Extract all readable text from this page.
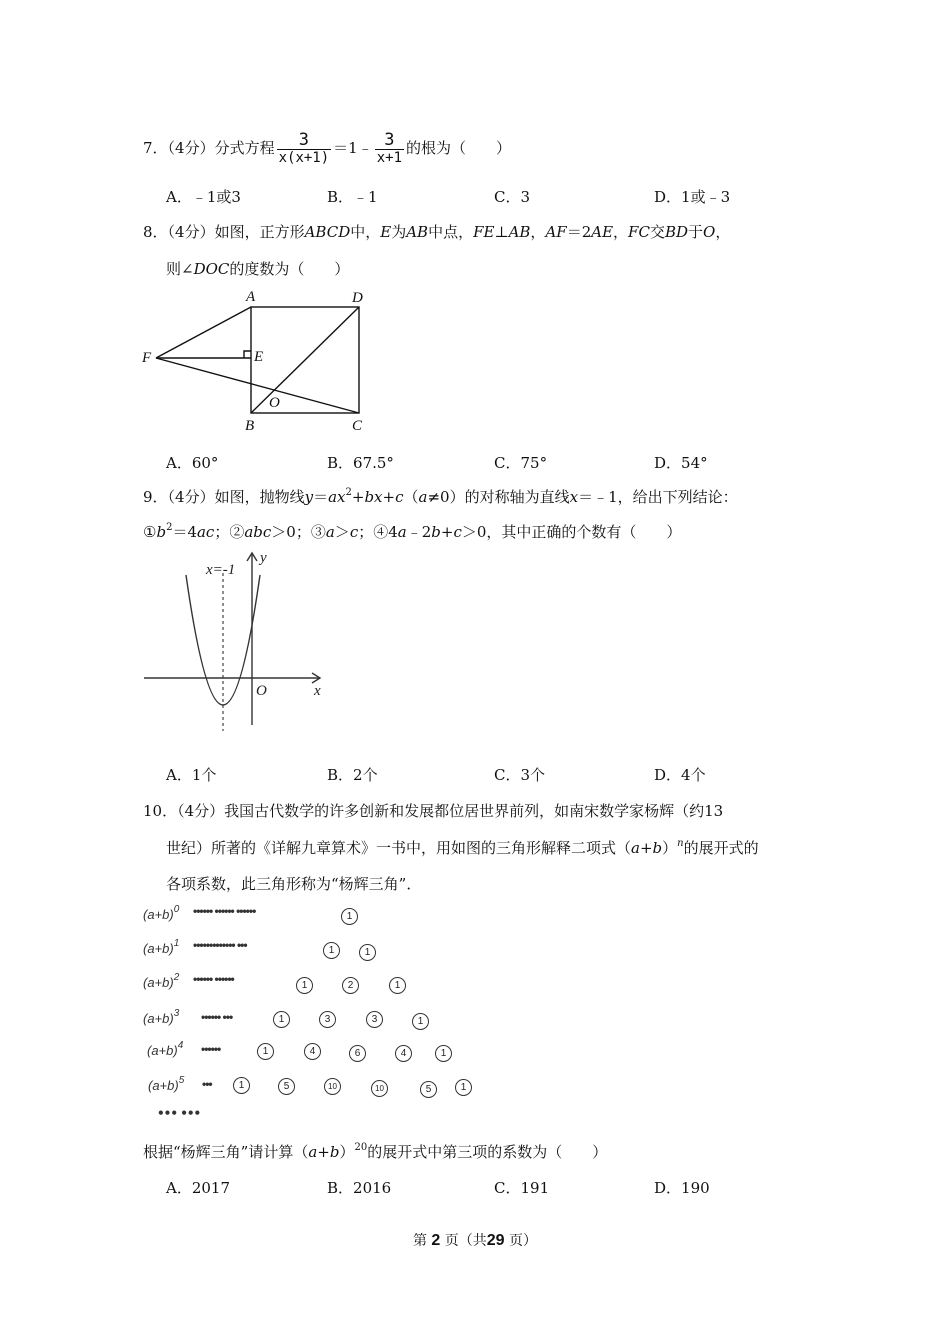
7．（4分）分式方程 $\frac{3}{x(x+1)}$ ＝1﹣ $\frac{3}{x+1}$ 的根为（　　）
A．﹣1或3	B．﹣1	C．3	D．1或﹣3
8．（4分）如图，正方形ABCD中，E为AB中点，FE⊥AB，AF＝2AE，FC交BD于O，
则∠DOC的度数为（　　）
A	D
F	E
O
B	C
A．60°	B．67.5°	C．75°	D．54°
9．（4分）如图，抛物线$y=ax^2+bx+c(a\ne 0)$的对称轴为直线x＝﹣1，给出下列结论：
$①b^2=4ac$；②abc＞0；③a＞c；④4a﹣2b+c＞0，其中正确的个数有（　　）
x=-1
y
x
O
A．1个	B．2个	C．3个	D．4个
10．（4分）我国古代数学的许多创新和发展都位居世界前列，如南宋数学家杨辉（约13
世纪）所著的《详解九章算术》一书中，用如图的三角形解释二项式$(a+b)^n$的展开式的
各项系数，此三角形称为“杨辉三角”．
$(a+b)^0$ •••••• •••••• ••••••	1
$(a+b)^1$ ••••••••••••• •••	1	1
$(a+b)^2$ •••••• ••••••	1	2	1
$(a+b)^3$ •••••• •••	1	3	3	1
$(a+b)^4$ ••••••	1	4	6	4	1
$(a+b)^5$ •••	1	5	10	10	5	1
••• •••
根据“杨辉三角”请计算$(a+b)^{20}$的展开式中第三项的系数为（　　）
A．2017	B．2016	C．191	D．190
第 2 页（共29 页）
